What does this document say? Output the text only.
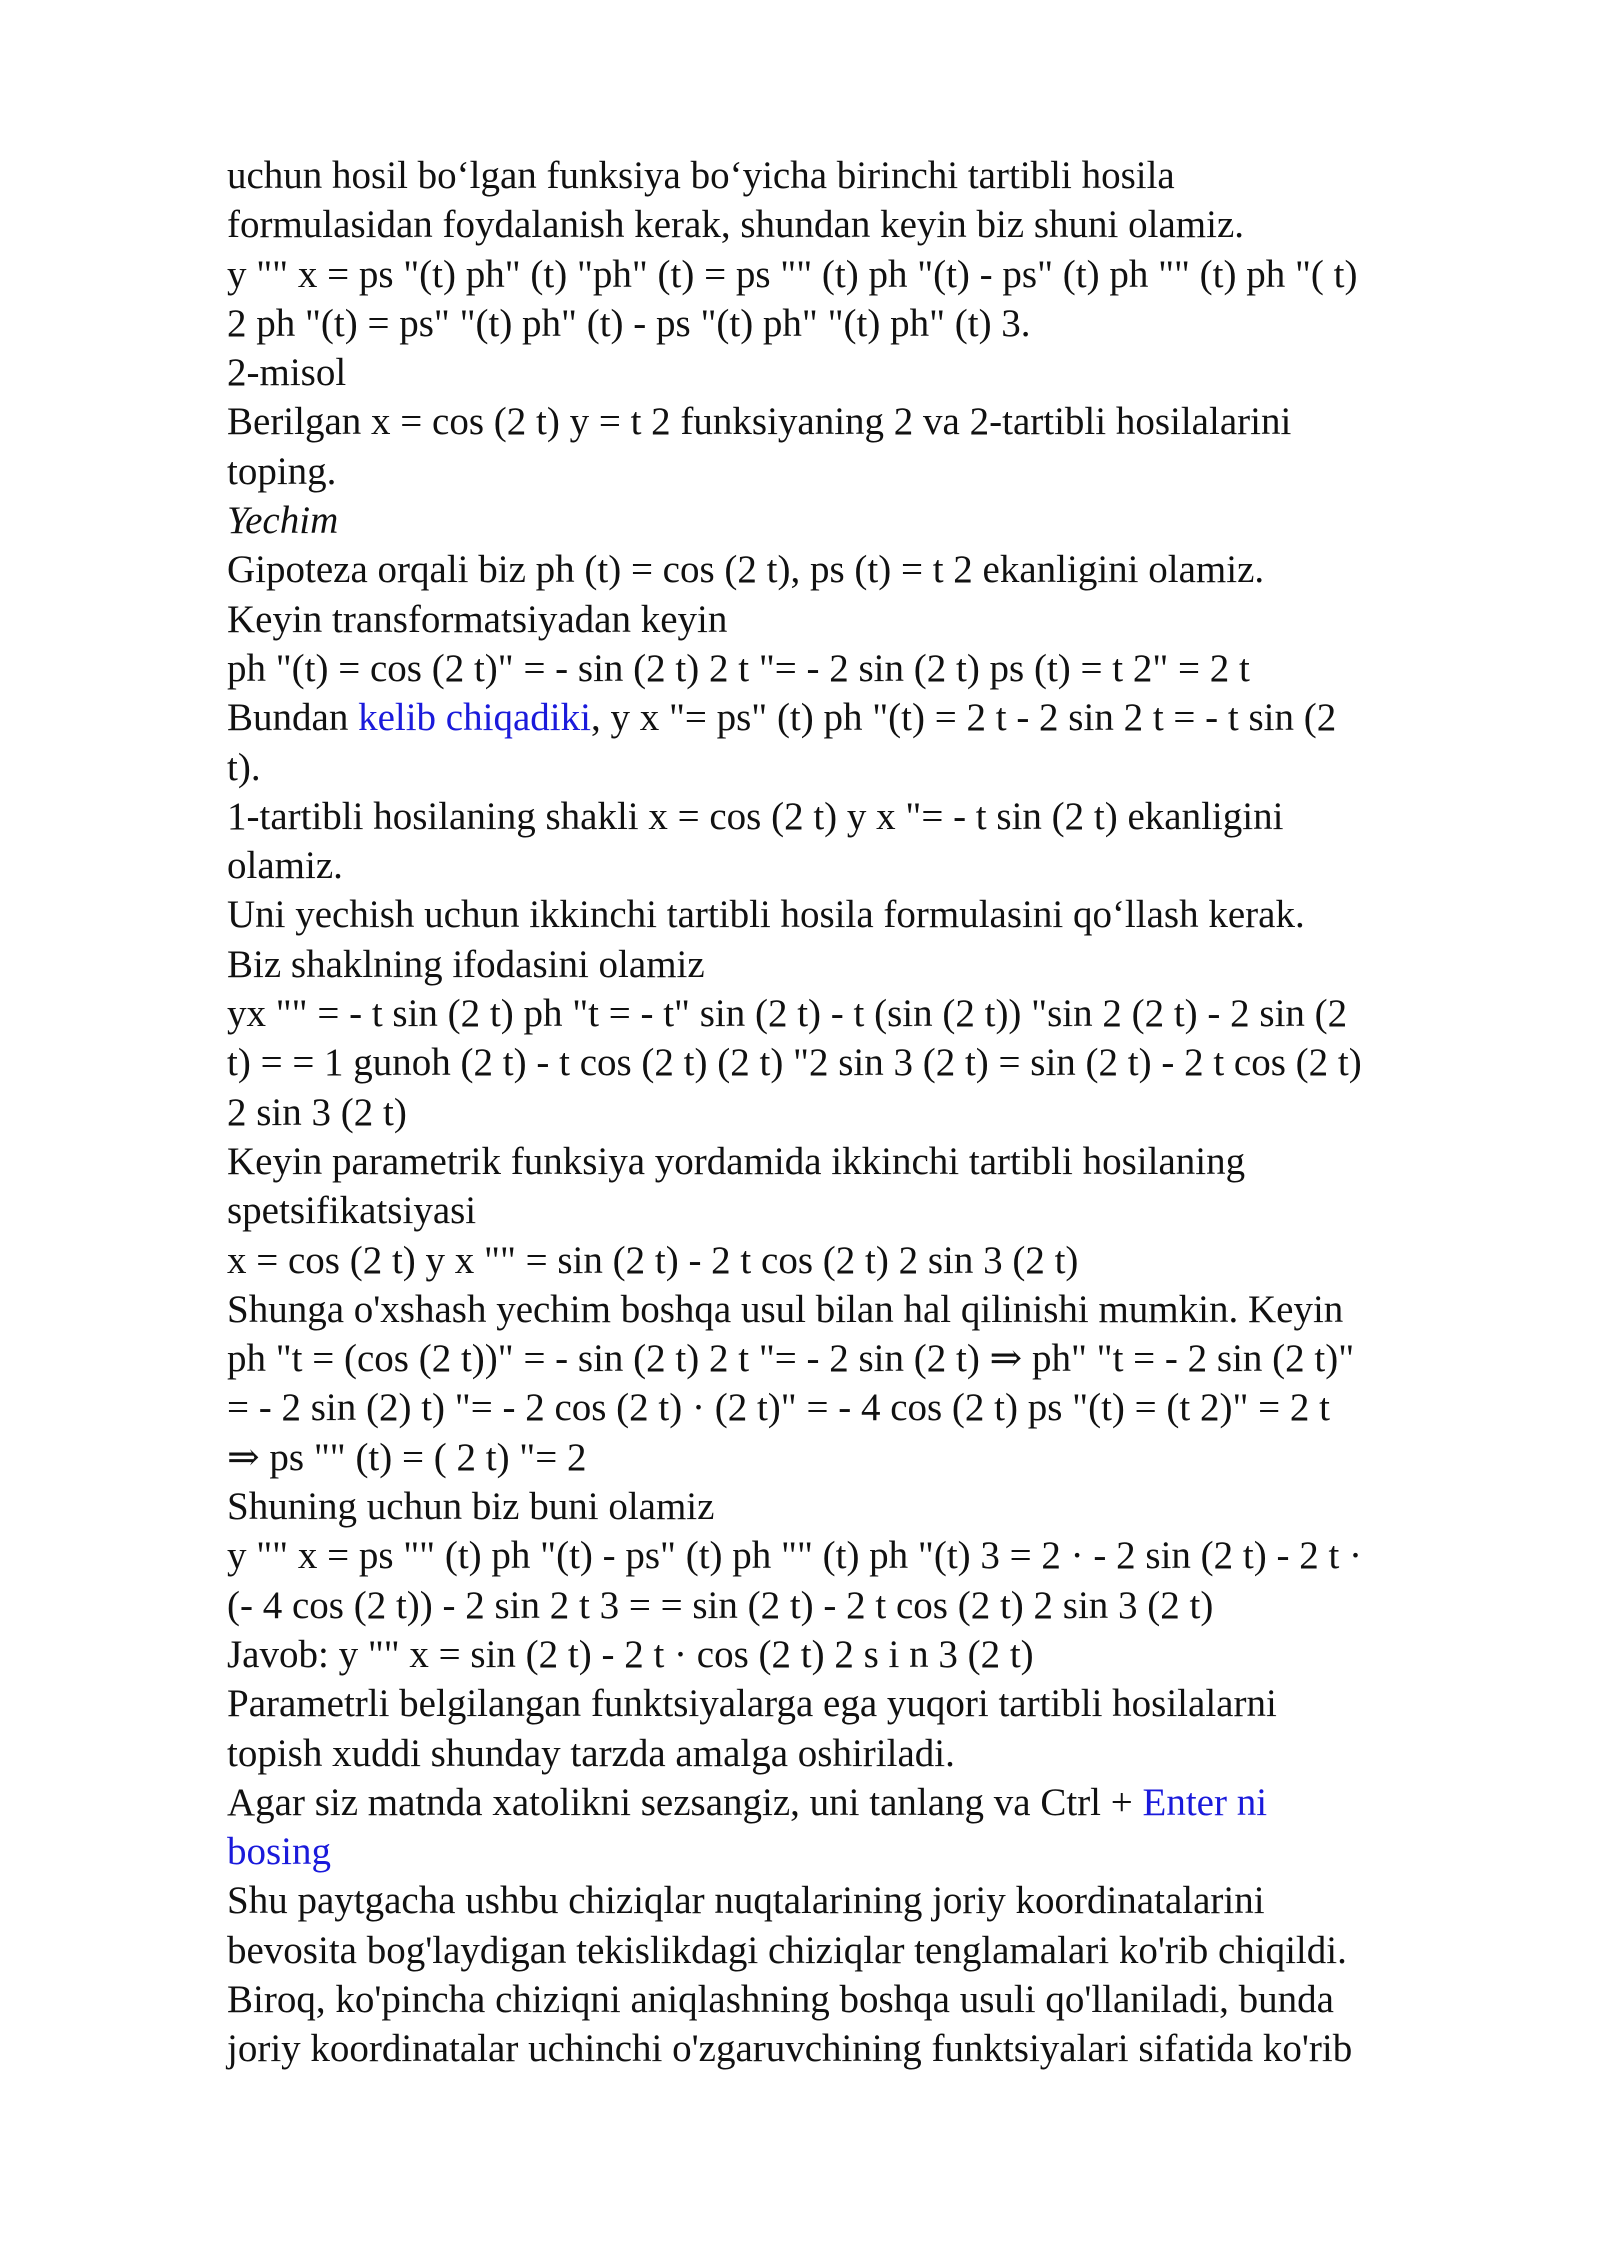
uchun hosil bo‘lgan funksiya bo‘yicha birinchi tartibli hosila
formulasidan foydalanish kerak, shundan keyin biz shuni olamiz.
y "" x = ps "(t) ph" (t) "ph" (t) = ps "" (t) ph "(t) - ps" (t) ph "" (t) ph "( t)
2 ph "(t) = ps" "(t) ph" (t) - ps "(t) ph" "(t) ph" (t) 3.
2-misol
Berilgan x = cos (2 t) y = t 2 funksiyaning 2 va 2-tartibli hosilalarini
toping.
Yechim
Gipoteza orqali biz ph (t) = cos (2 t), ps (t) = t 2 ekanligini olamiz.
Keyin transformatsiyadan keyin
ph "(t) = cos (2 t)" = - sin (2 t) 2 t "= - 2 sin (2 t) ps (t) = t 2" = 2 t
Bundan kelib chiqadiki, y x "= ps" (t) ph "(t) = 2 t - 2 sin 2 t = - t sin (2
t).
1-tartibli hosilaning shakli x = cos (2 t) y x "= - t sin (2 t) ekanligini
olamiz.
Uni yechish uchun ikkinchi tartibli hosila formulasini qo‘llash kerak.
Biz shaklning ifodasini olamiz
yx "" = - t sin (2 t) ph "t = - t" sin (2 t) - t (sin (2 t)) "sin 2 (2 t) - 2 sin (2
t) = = 1 gunoh (2 t) - t cos (2 t) (2 t) "2 sin 3 (2 t) = sin (2 t) - 2 t cos (2 t)
2 sin 3 (2 t)
Keyin parametrik funksiya yordamida ikkinchi tartibli hosilaning
spetsifikatsiyasi
x = cos (2 t) y x "" = sin (2 t) - 2 t cos (2 t) 2 sin 3 (2 t)
Shunga o'xshash yechim boshqa usul bilan hal qilinishi mumkin. Keyin
ph "t = (cos (2 t))" = - sin (2 t) 2 t "= - 2 sin (2 t) ⇒ ph" "t = - 2 sin (2 t)"
= - 2 sin (2) t) "= - 2 cos (2 t) · (2 t)" = - 4 cos (2 t) ps "(t) = (t 2)" = 2 t
⇒ ps "" (t) = ( 2 t) "= 2
Shuning uchun biz buni olamiz
y "" x = ps "" (t) ph "(t) - ps" (t) ph "" (t) ph "(t) 3 = 2 · - 2 sin (2 t) - 2 t ·
(- 4 cos (2 t)) - 2 sin 2 t 3 = = sin (2 t) - 2 t cos (2 t) 2 sin 3 (2 t)
Javob: y "" x = sin (2 t) - 2 t · cos (2 t) 2 s i n 3 (2 t)
Parametrli belgilangan funktsiyalarga ega yuqori tartibli hosilalarni
topish xuddi shunday tarzda amalga oshiriladi.
Agar siz matnda xatolikni sezsangiz, uni tanlang va Ctrl + Enter ni
bosing
Shu paytgacha ushbu chiziqlar nuqtalarining joriy koordinatalarini
bevosita bog'laydigan tekislikdagi chiziqlar tenglamalari ko'rib chiqildi.
Biroq, ko'pincha chiziqni aniqlashning boshqa usuli qo'llaniladi, bunda
joriy koordinatalar uchinchi o'zgaruvchining funktsiyalari sifatida ko'rib
